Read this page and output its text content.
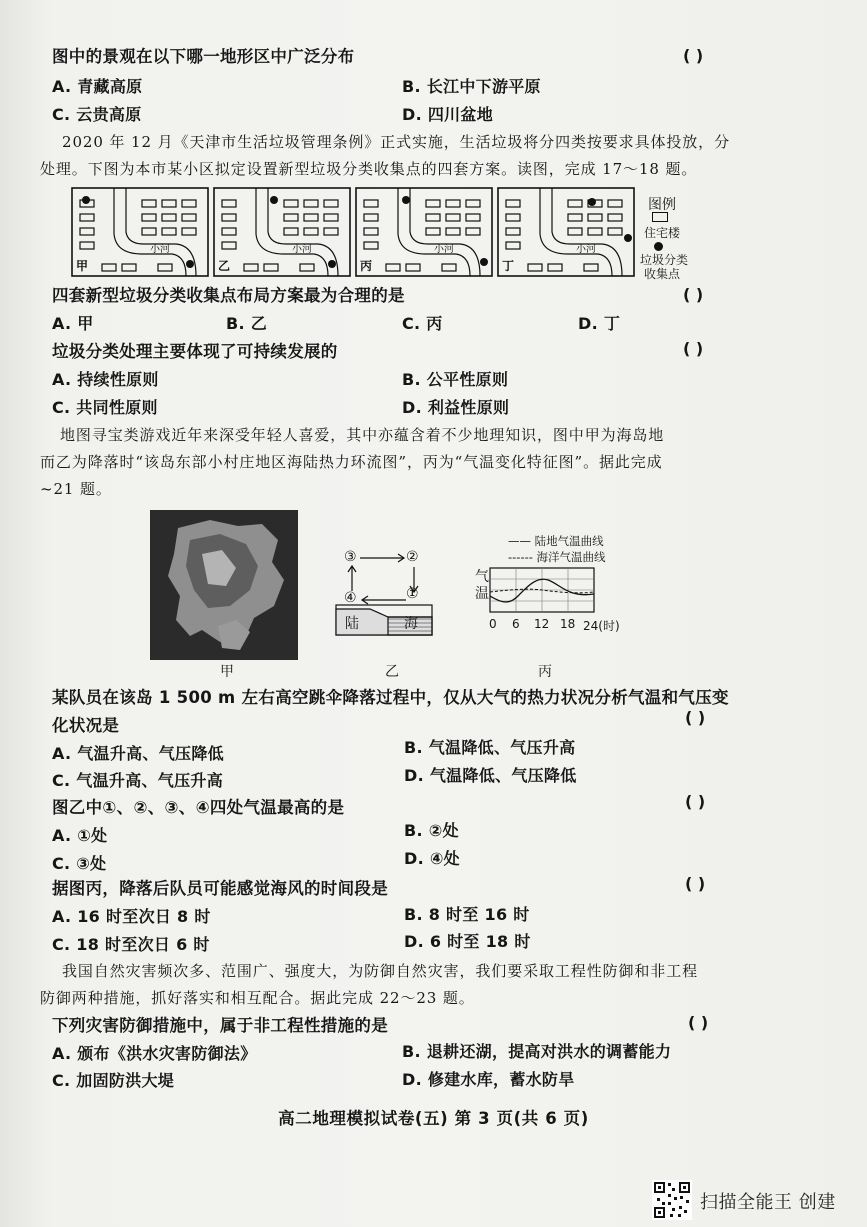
图中的景观在以下哪一地形区中广泛分布	( )
A. 青藏高原	B. 长江中下游平原
C. 云贵高原	D. 四川盆地
2020 年 12 月《天津市生活垃圾管理条例》正式实施，生活垃圾将分四类按要求具体投放，分
处理。下图为本市某小区拟定设置新型垃圾分类收集点的四套方案。读图，完成 17～18 题。
小河
甲
小河
乙
小河
丙
小河
丁
图例
住宅楼
垃圾分类
收集点
四套新型垃圾分类收集点布局方案最为合理的是	( )
A. 甲	B. 乙	C. 丙	D. 丁
垃圾分类处理主要体现了可持续发展的	( )
A. 持续性原则	B. 公平性原则
C. 共同性原则	D. 利益性原则
地图寻宝类游戏近年来深受年轻人喜爱，其中亦蕴含着不少地理知识，图中甲为海岛地
而乙为降落时“该岛东部小村庄地区海陆热力环流图”，丙为“气温变化特征图”。据此完成
~21 题。
甲
③	②
④	①
陆	海
乙
—— 陆地气温曲线
------ 海洋气温曲线
气
温
0 6 12 18 24(时)
丙
某队员在该岛 1 500 m 左右高空跳伞降落过程中，仅从大气的热力状况分析气温和气压变
化状况是	( )
A. 气温升高、气压降低	B. 气温降低、气压升高
C. 气温升高、气压升高	D. 气温降低、气压降低
图乙中①、②、③、④四处气温最高的是	( )
A. ①处	B. ②处
C. ③处	D. ④处
据图丙，降落后队员可能感觉海风的时间段是	( )
A. 16 时至次日 8 时	B. 8 时至 16 时
C. 18 时至次日 6 时	D. 6 时至 18 时
我国自然灾害频次多、范围广、强度大，为防御自然灾害，我们要采取工程性防御和非工程
防御两种措施，抓好落实和相互配合。据此完成 22～23 题。
下列灾害防御措施中，属于非工程性措施的是	( )
A. 颁布《洪水灾害防御法》	B. 退耕还湖，提高对洪水的调蓄能力
C. 加固防洪大堤	D. 修建水库，蓄水防旱
高二地理模拟试卷(五) 第 3 页(共 6 页)
扫描全能王 创建
